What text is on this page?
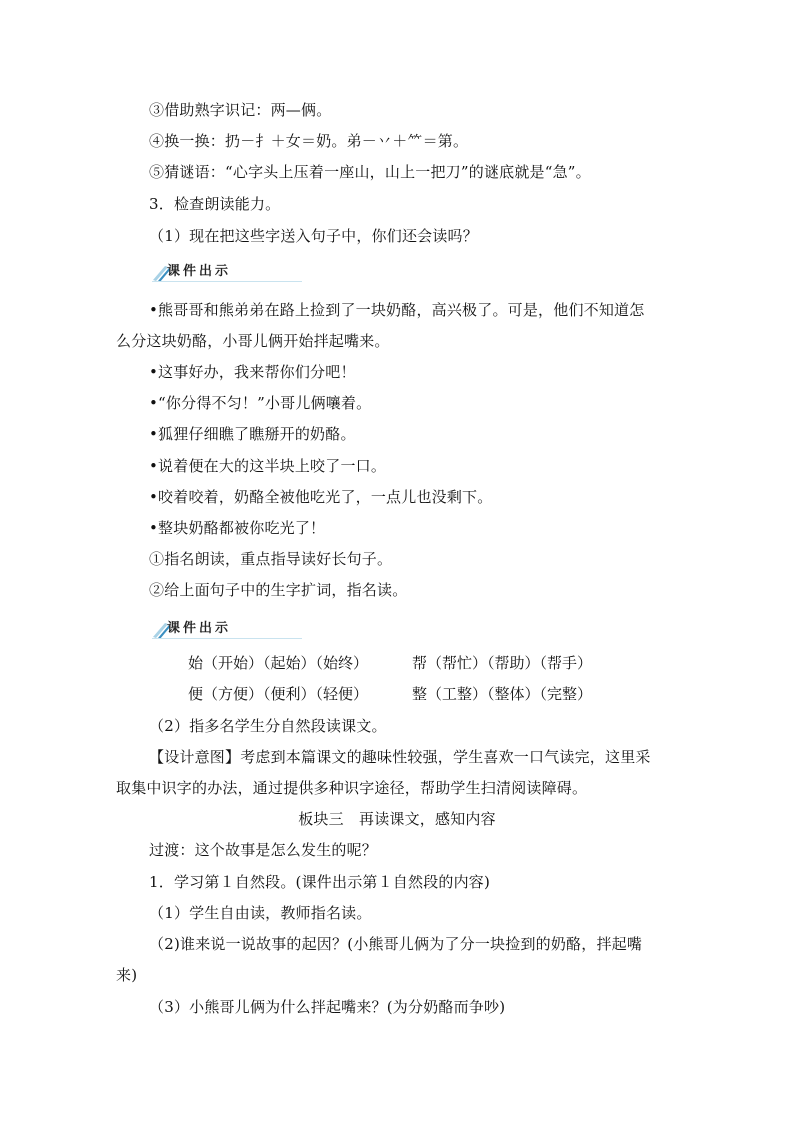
③借助熟字识记：两—俩。
④换一换：扔－扌＋女＝奶。弟－丷＋⺮＝第。
⑤猜谜语：“心字头上压着一座山，山上一把刀”的谜底就是“急”。
3．检查朗读能力。
（1）现在把这些字送入句子中，你们还会读吗？
课件出示
•熊哥哥和熊弟弟在路上捡到了一块奶酪，高兴极了。可是，他们不知道怎
么分这块奶酪，小哥儿俩开始拌起嘴来。
•这事好办，我来帮你们分吧！
•“你分得不匀！”小哥儿俩嚷着。
•狐狸仔细瞧了瞧掰开的奶酪。
•说着便在大的这半块上咬了一口。
•咬着咬着，奶酪全被他吃光了，一点儿也没剩下。
•整块奶酪都被你吃光了！
①指名朗读，重点指导读好长句子。
②给上面句子中的生字扩词，指名读。
课件出示
始（开始）（起始）（始终）	帮（帮忙）（帮助）（帮手）
便（方便）（便利）（轻便）	整（工整）（整体）（完整）
（2）指多名学生分自然段读课文。
【设计意图】考虑到本篇课文的趣味性较强，学生喜欢一口气读完，这里采
取集中识字的办法，通过提供多种识字途径，帮助学生扫清阅读障碍。
板块三　再读课文，感知内容
过渡：这个故事是怎么发生的呢？
1．学习第１自然段。(课件出示第１自然段的内容)
（1）学生自由读，教师指名读。
（2)谁来说一说故事的起因？(小熊哥儿俩为了分一块捡到的奶酪，拌起嘴
来)
（3）小熊哥儿俩为什么拌起嘴来？(为分奶酪而争吵)
